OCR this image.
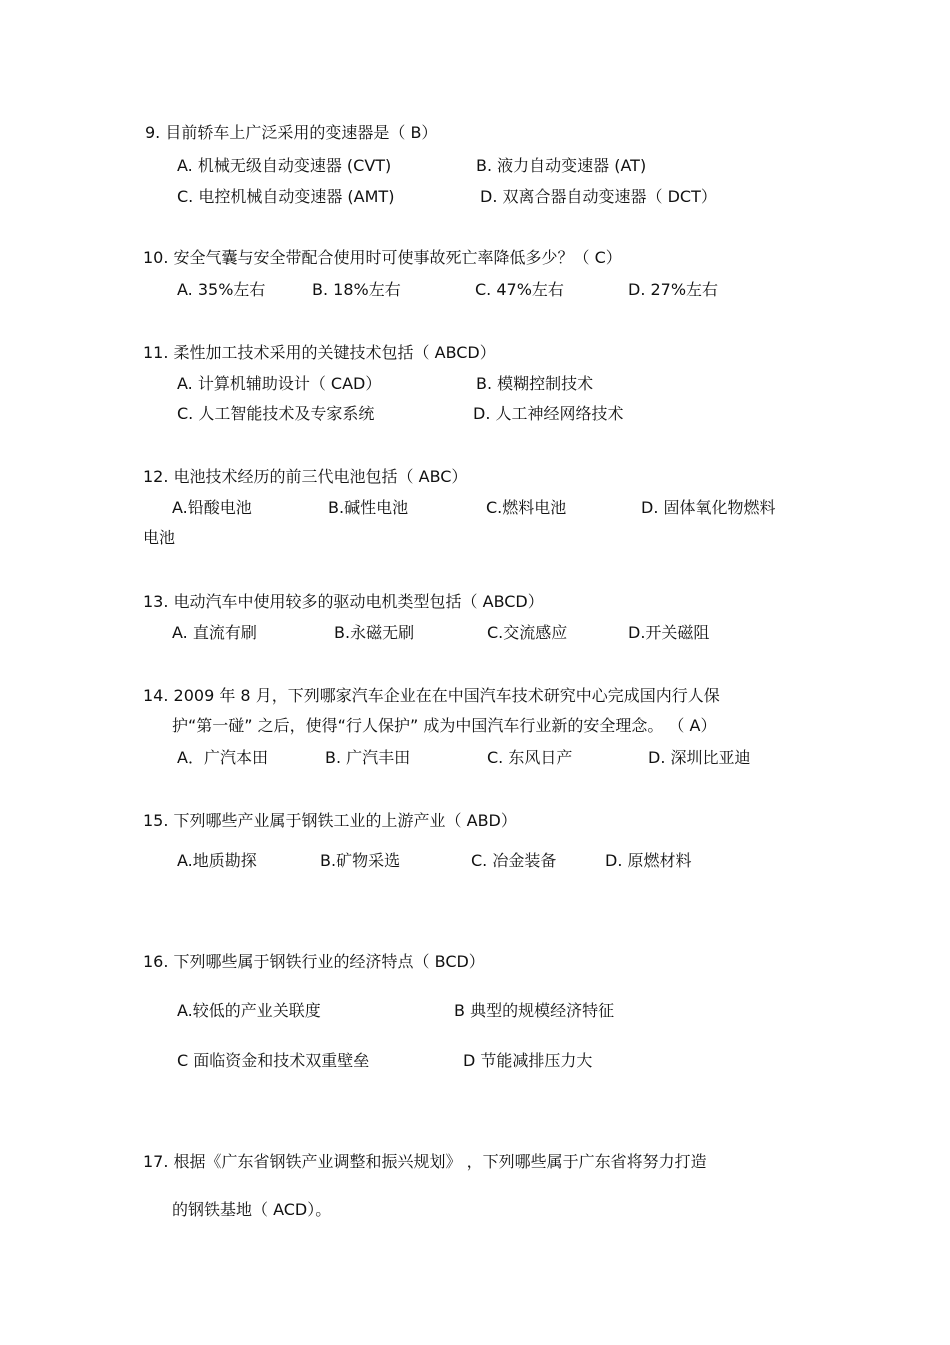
9. 目前轿车上广泛采用的变速器是（ B）
A. 机械无级自动变速器 (CVT)	B. 液力自动变速器 (AT)
C. 电控机械自动变速器 (AMT)	D. 双离合器自动变速器（ DCT）
10. 安全气囊与安全带配合使用时可使事故死亡率降低多少？（ C）
A. 35%左右	B. 18%左右	C. 47%左右	D. 27%左右
11. 柔性加工技术采用的关键技术包括（ ABCD）
A. 计算机辅助设计（ CAD）	B. 模糊控制技术
C. 人工智能技术及专家系统	D. 人工神经网络技术
12. 电池技术经历的前三代电池包括（ ABC）
A.铅酸电池	B.碱性电池	C.燃料电池	D. 固体氧化物燃料
电池
13. 电动汽车中使用较多的驱动电机类型包括（ ABCD）
A. 直流有刷	B.永磁无刷	C.交流感应	D.开关磁阻
14. 2009 年 8 月，下列哪家汽车企业在在中国汽车技术研究中心完成国内行人保
护“第一碰” 之后，使得“行人保护” 成为中国汽车行业新的安全理念。 （ A）
A．广汽本田	B. 广汽丰田	C. 东风日产	D. 深圳比亚迪
15. 下列哪些产业属于钢铁工业的上游产业（ ABD）
A.地质勘探	B.矿物采选	C. 冶金装备	D. 原燃材料
16. 下列哪些属于钢铁行业的经济特点（ BCD）
A.较低的产业关联度	B 典型的规模经济特征
C 面临资金和技术双重壁垒	D 节能减排压力大
17. 根据《广东省钢铁产业调整和振兴规划》 ，下列哪些属于广东省将努力打造
的钢铁基地（ ACD）。
